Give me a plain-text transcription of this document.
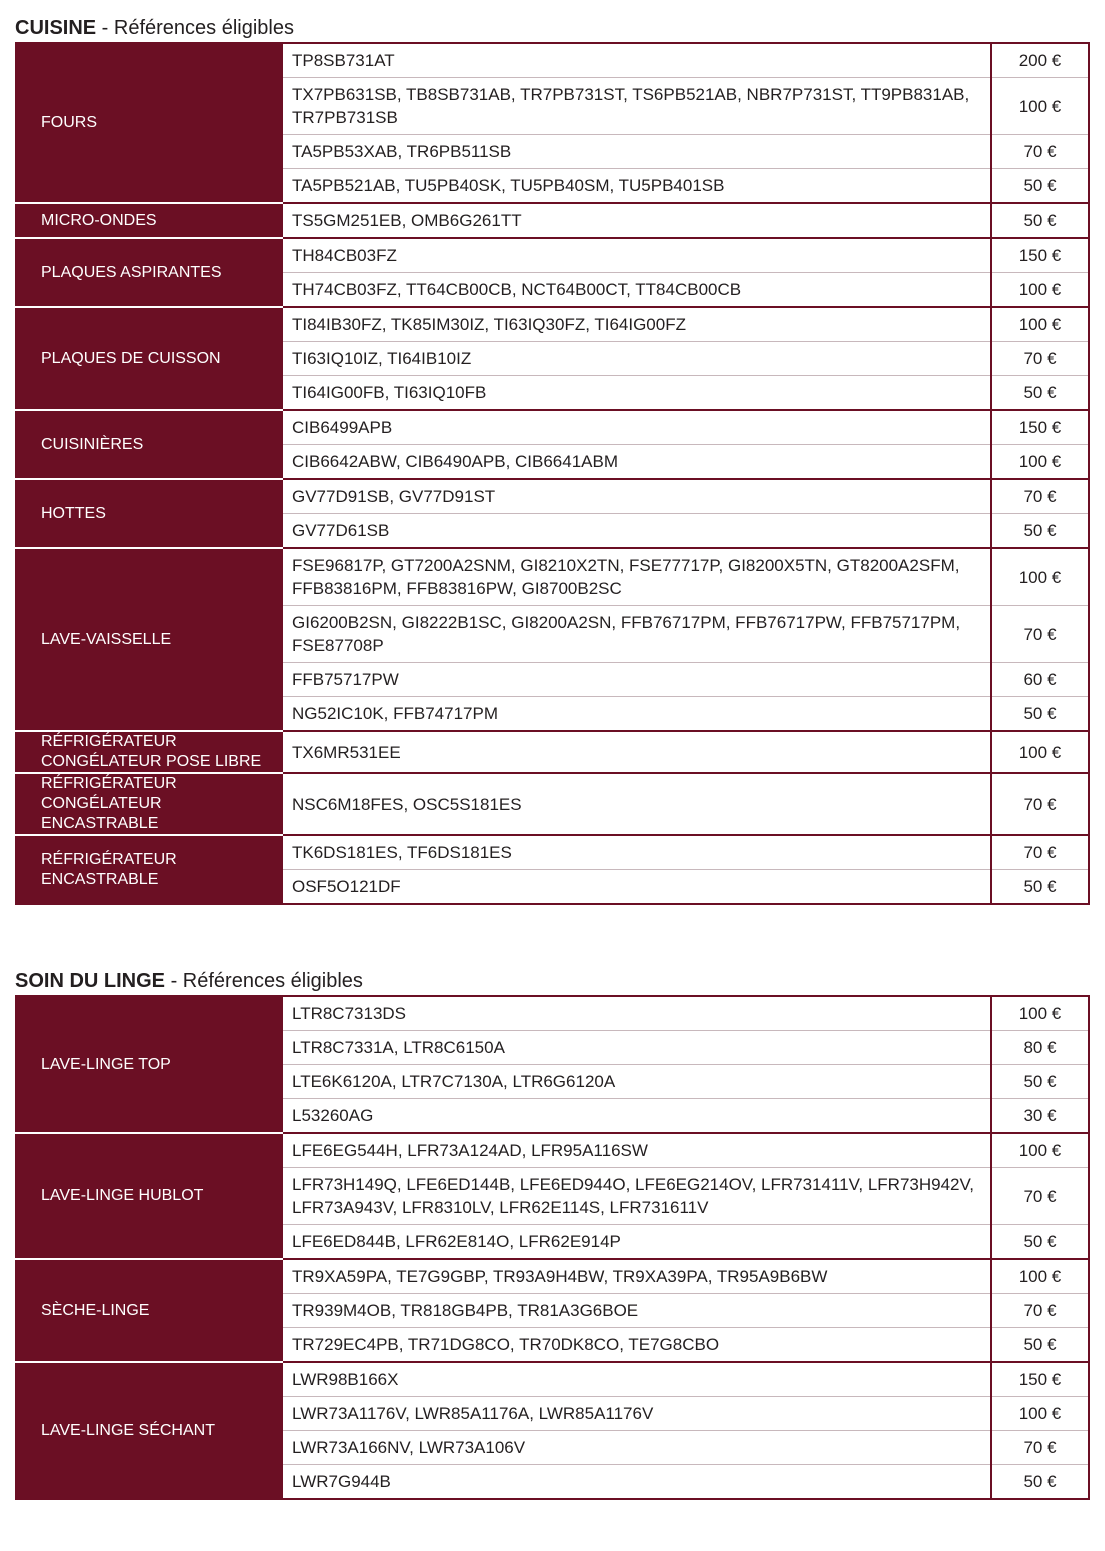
CUISINE - Références éligibles
FOURS	TP8SB731AT	200 €
	TX7PB631SB, TB8SB731AB, TR7PB731ST, TS6PB521AB, NBR7P731ST, TT9PB831AB, TR7PB731SB	100 €
	TA5PB53XAB, TR6PB511SB	70 €
	TA5PB521AB, TU5PB40SK, TU5PB40SM, TU5PB401SB	50 €
MICRO-ONDES	TS5GM251EB, OMB6G261TT	50 €
PLAQUES ASPIRANTES	TH84CB03FZ	150 €
	TH74CB03FZ, TT64CB00CB, NCT64B00CT, TT84CB00CB	100 €
PLAQUES DE CUISSON	TI84IB30FZ, TK85IM30IZ, TI63IQ30FZ, TI64IG00FZ	100 €
	TI63IQ10IZ, TI64IB10IZ	70 €
	TI64IG00FB, TI63IQ10FB	50 €
CUISINIÈRES	CIB6499APB	150 €
	CIB6642ABW, CIB6490APB, CIB6641ABM	100 €
HOTTES	GV77D91SB, GV77D91ST	70 €
	GV77D61SB	50 €
LAVE-VAISSELLE	FSE96817P, GT7200A2SNM, GI8210X2TN, FSE77717P, GI8200X5TN, GT8200A2SFM, FFB83816PM, FFB83816PW, GI8700B2SC	100 €
	GI6200B2SN, GI8222B1SC, GI8200A2SN, FFB76717PM, FFB76717PW, FFB75717PM, FSE87708P	70 €
	FFB75717PW	60 €
	NG52IC10K, FFB74717PM	50 €
RÉFRIGÉRATEUR CONGÉLATEUR POSE LIBRE	TX6MR531EE	100 €
RÉFRIGÉRATEUR CONGÉLATEUR ENCASTRABLE	NSC6M18FES, OSC5S181ES	70 €
RÉFRIGÉRATEUR ENCASTRABLE	TK6DS181ES, TF6DS181ES	70 €
	OSF5O121DF	50 €
SOIN DU LINGE - Références éligibles
LAVE-LINGE TOP	LTR8C7313DS	100 €
	LTR8C7331A, LTR8C6150A	80 €
	LTE6K6120A, LTR7C7130A, LTR6G6120A	50 €
	L53260AG	30 €
LAVE-LINGE HUBLOT	LFE6EG544H, LFR73A124AD, LFR95A116SW	100 €
	LFR73H149Q, LFE6ED144B, LFE6ED944O, LFE6EG214OV, LFR731411V, LFR73H942V, LFR73A943V, LFR8310LV, LFR62E114S, LFR731611V	70 €
	LFE6ED844B, LFR62E814O, LFR62E914P	50 €
SÈCHE-LINGE	TR9XA59PA, TE7G9GBP, TR93A9H4BW, TR9XA39PA, TR95A9B6BW	100 €
	TR939M4OB, TR818GB4PB, TR81A3G6BOE	70 €
	TR729EC4PB, TR71DG8CO, TR70DK8CO, TE7G8CBO	50 €
LAVE-LINGE SÉCHANT	LWR98B166X	150 €
	LWR73A1176V, LWR85A1176A, LWR85A1176V	100 €
	LWR73A166NV, LWR73A106V	70 €
	LWR7G944B	50 €
